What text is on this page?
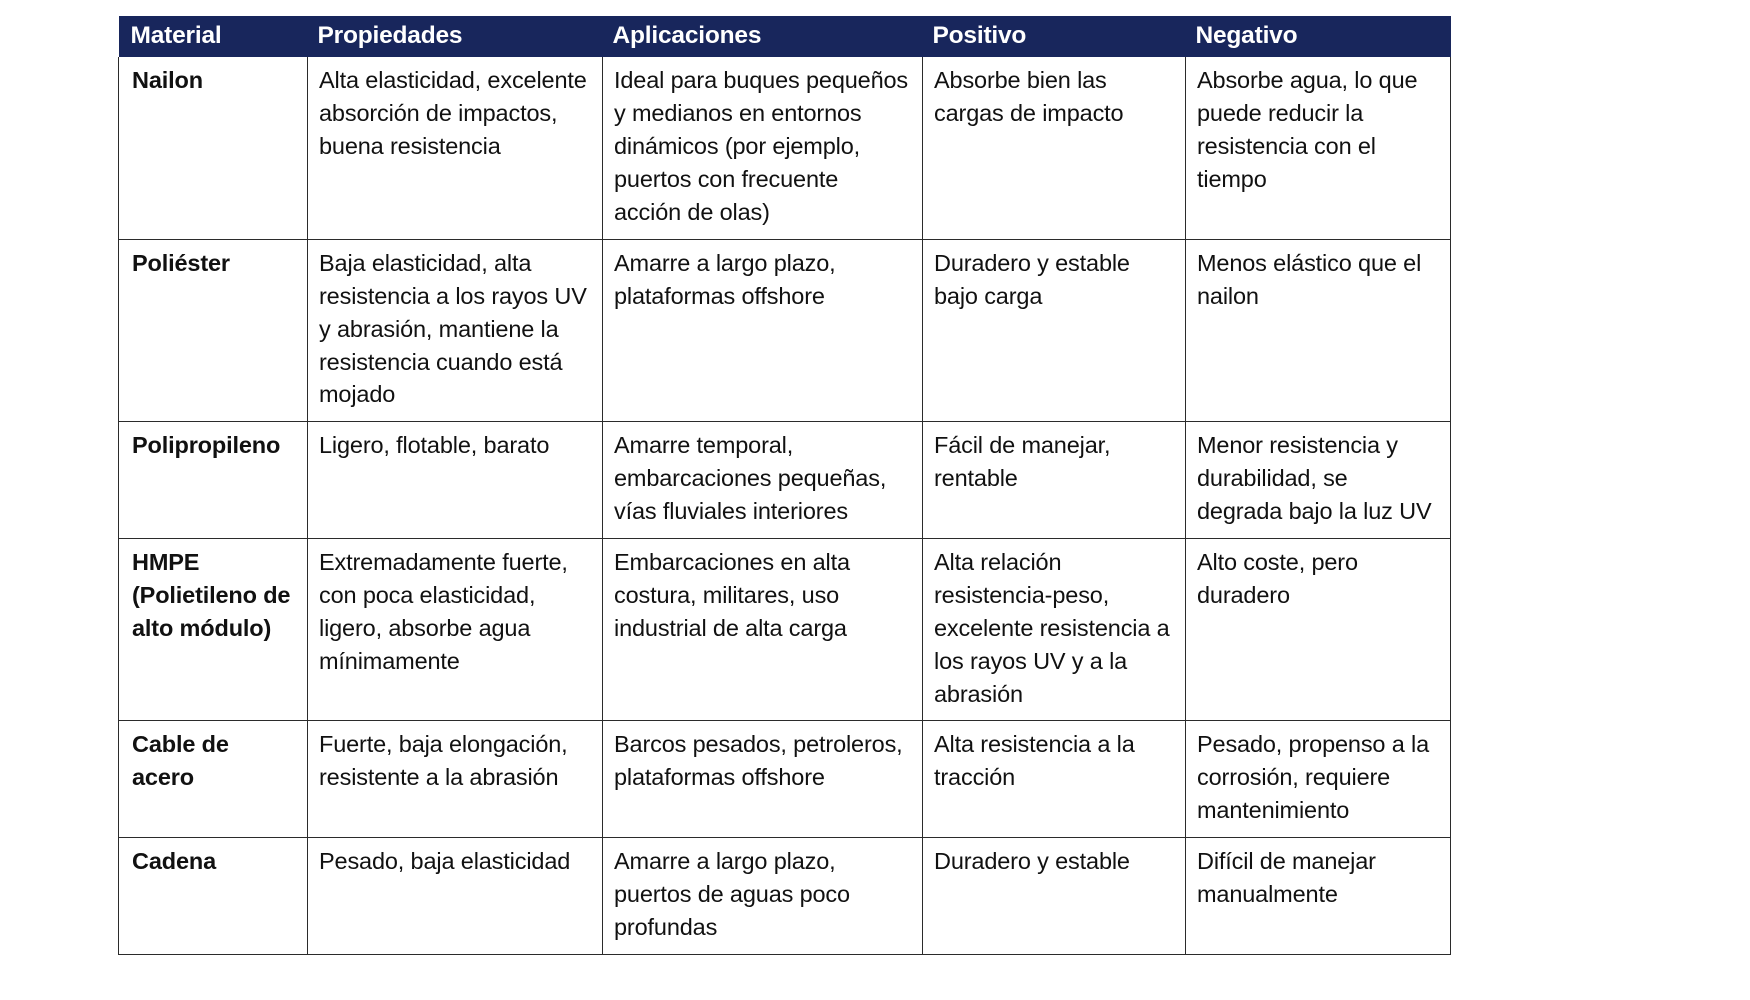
Material	Propiedades	Aplicaciones	Positivo	Negativo
Nailon	Alta elasticidad, excelente absorción de impactos, buena resistencia	Ideal para buques pequeños y medianos en entornos dinámicos (por ejemplo, puertos con frecuente acción de olas)	Absorbe bien las cargas de impacto	Absorbe agua, lo que puede reducir la resistencia con el tiempo
Poliéster	Baja elasticidad, alta resistencia a los rayos UV y abrasión, mantiene la resistencia cuando está mojado	Amarre a largo plazo, plataformas offshore	Duradero y estable bajo carga	Menos elástico que el nailon
Polipropileno	Ligero, flotable, barato	Amarre temporal, embarcaciones pequeñas, vías fluviales interiores	Fácil de manejar, rentable	Menor resistencia y durabilidad, se degrada bajo la luz UV
HMPE (Polietileno de alto módulo)	Extremadamente fuerte, con poca elasticidad, ligero, absorbe agua mínimamente	Embarcaciones en alta costura, militares, uso industrial de alta carga	Alta relación resistencia-peso, excelente resistencia a los rayos UV y a la abrasión	Alto coste, pero duradero
Cable de acero	Fuerte, baja elongación, resistente a la abrasión	Barcos pesados, petroleros, plataformas offshore	Alta resistencia a la tracción	Pesado, propenso a la corrosión, requiere mantenimiento
Cadena	Pesado, baja elasticidad	Amarre a largo plazo, puertos de aguas poco profundas	Duradero y estable	Difícil de manejar manualmente
